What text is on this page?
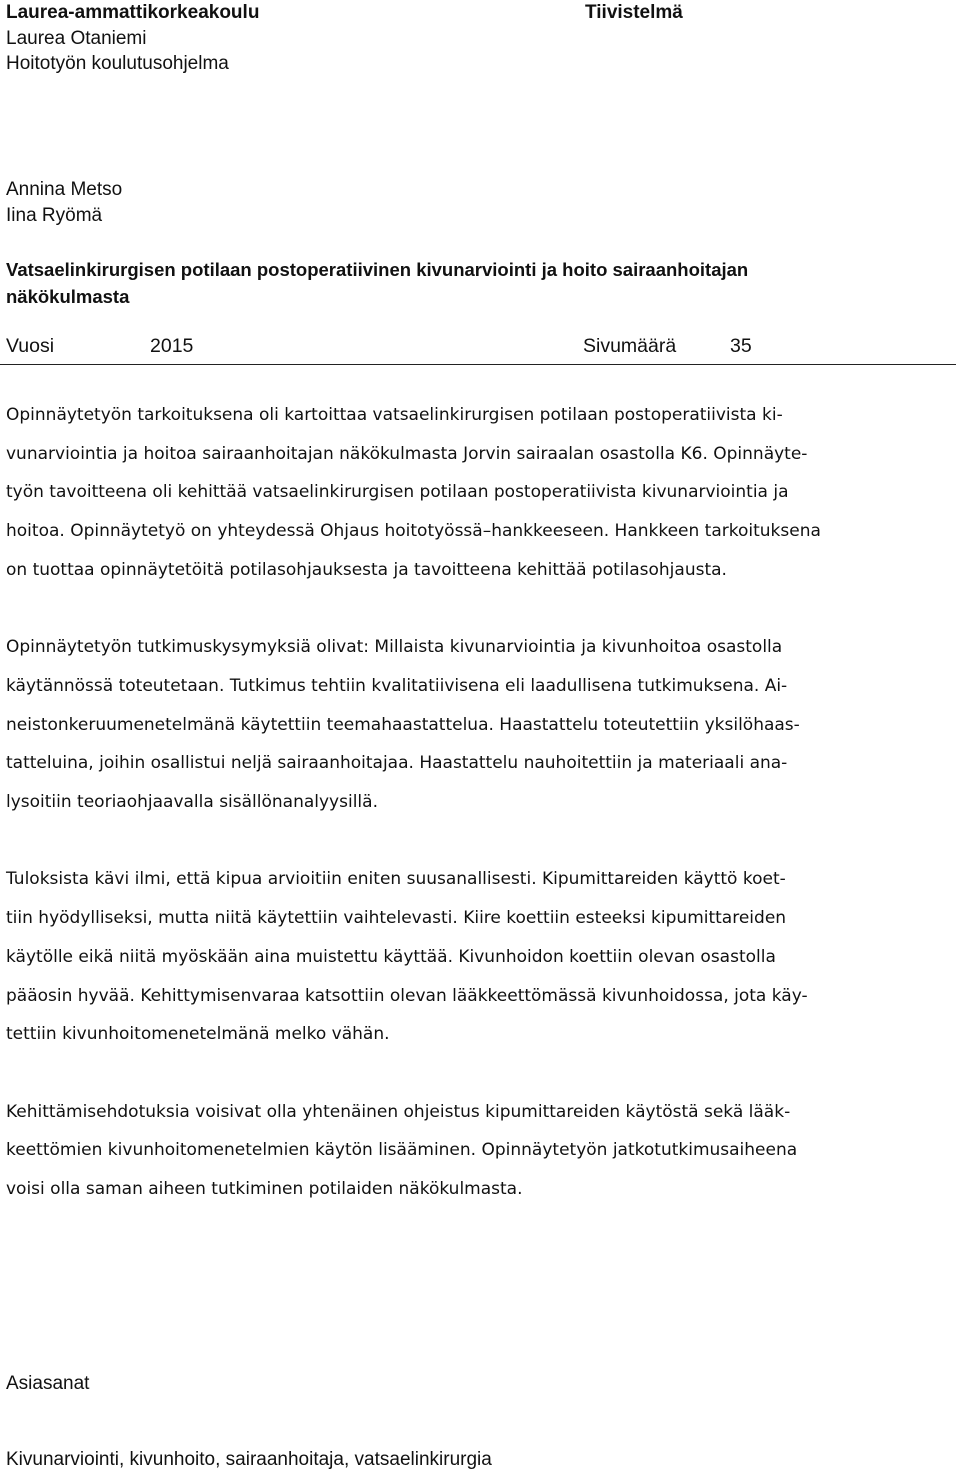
Laurea-ammattikorkeakoulu
Laurea Otaniemi
Hoitotyön koulutusohjelma
Tiivistelmä
Annina Metso
Iina Ryömä
Vatsaelinkirurgisen potilaan postoperatiivinen kivunarviointi ja hoito sairaanhoitajan
näkökulmasta
Vuosi	2015	Sivumäärä	35

Opinnäytetyön tarkoituksena oli kartoittaa vatsaelinkirurgisen potilaan postoperatiivista ki-
vunarviointia ja hoitoa sairaanhoitajan näkökulmasta Jorvin sairaalan osastolla K6. Opinnäyte-
työn tavoitteena oli kehittää vatsaelinkirurgisen potilaan postoperatiivista kivunarviointia ja
hoitoa. Opinnäytetyö on yhteydessä Ohjaus hoitotyössä–hankkeeseen. Hankkeen tarkoituksena
on tuottaa opinnäytetöitä potilasohjauksesta ja tavoitteena kehittää potilasohjausta.

Opinnäytetyön tutkimuskysymyksiä olivat: Millaista kivunarviointia ja kivunhoitoa osastolla
käytännössä toteutetaan. Tutkimus tehtiin kvalitatiivisena eli laadullisena tutkimuksena. Ai-
neistonkeruumenetelmänä käytettiin teemahaastattelua. Haastattelu toteutettiin yksilöhaas-
tatteluina, joihin osallistui neljä sairaanhoitajaa. Haastattelu nauhoitettiin ja materiaali ana-
lysoitiin teoriaohjaavalla sisällönanalyysillä.

Tuloksista kävi ilmi, että kipua arvioitiin eniten suusanallisesti. Kipumittareiden käyttö koet-
tiin hyödylliseksi, mutta niitä käytettiin vaihtelevasti. Kiire koettiin esteeksi kipumittareiden
käytölle eikä niitä myöskään aina muistettu käyttää. Kivunhoidon koettiin olevan osastolla
pääosin hyvää. Kehittymisenvaraa katsottiin olevan lääkkeettömässä kivunhoidossa, jota käy-
tettiin kivunhoitomenetelmänä melko vähän.

Kehittämisehdotuksia voisivat olla yhtenäinen ohjeistus kipumittareiden käytöstä sekä lääk-
keettömien kivunhoitomenetelmien käytön lisääminen. Opinnäytetyön jatkotutkimusaiheena
voisi olla saman aiheen tutkiminen potilaiden näkökulmasta.

Asiasanat
Kivunarviointi, kivunhoito, sairaanhoitaja, vatsaelinkirurgia
